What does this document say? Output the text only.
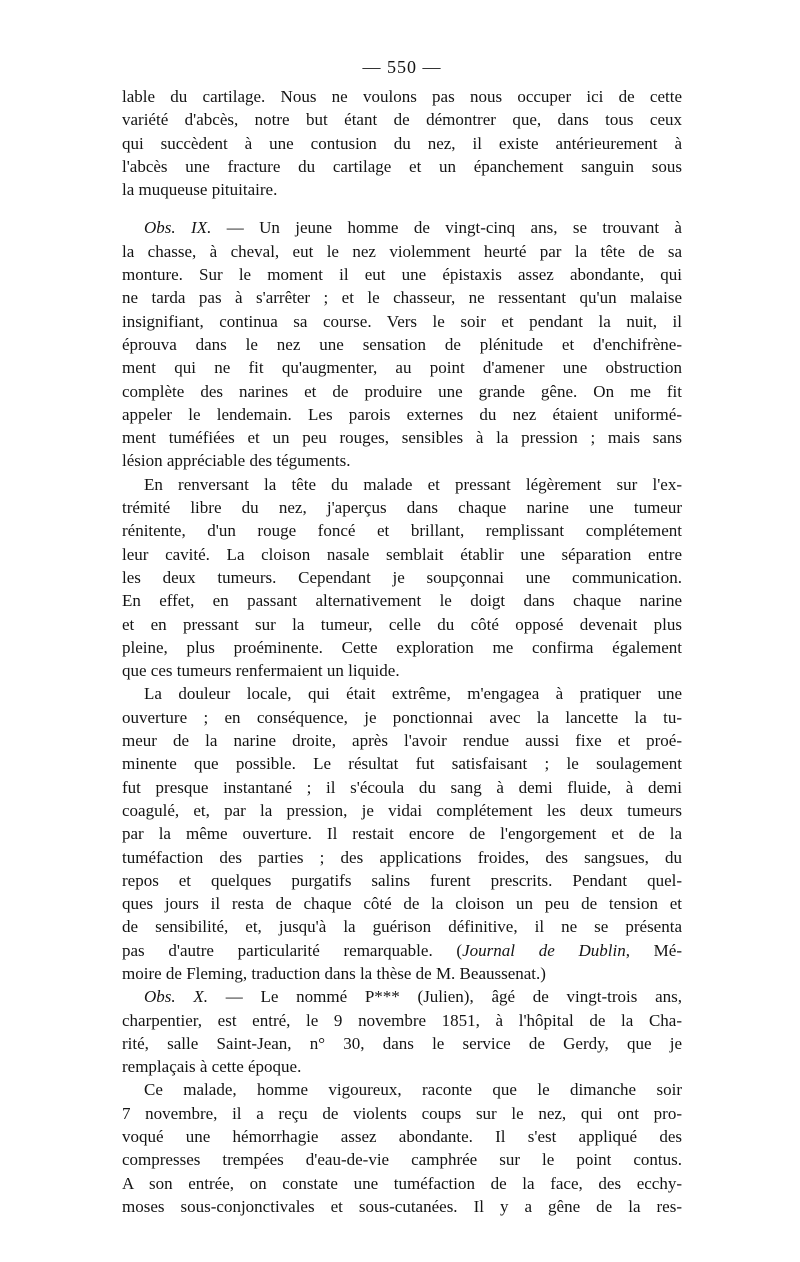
— 550 —
lable du cartilage. Nous ne voulons pas nous occuper ici de cette
variété d'abcès, notre but étant de démontrer que, dans tous ceux
qui succèdent à une contusion du nez, il existe antérieurement à
l'abcès une fracture du cartilage et un épanchement sanguin sous
la muqueuse pituitaire.
Obs. IX. — Un jeune homme de vingt-cinq ans, se trouvant à
la chasse, à cheval, eut le nez violemment heurté par la tête de sa
monture. Sur le moment il eut une épistaxis assez abondante, qui
ne tarda pas à s'arrêter ; et le chasseur, ne ressentant qu'un malaise
insignifiant, continua sa course. Vers le soir et pendant la nuit, il
éprouva dans le nez une sensation de plénitude et d'enchifrène-
ment qui ne fit qu'augmenter, au point d'amener une obstruction
complète des narines et de produire une grande gêne. On me fit
appeler le lendemain. Les parois externes du nez étaient uniformé-
ment tuméfiées et un peu rouges, sensibles à la pression ; mais sans
lésion appréciable des téguments.
En renversant la tête du malade et pressant légèrement sur l'ex-
trémité libre du nez, j'aperçus dans chaque narine une tumeur
rénitente, d'un rouge foncé et brillant, remplissant complétement
leur cavité. La cloison nasale semblait établir une séparation entre
les deux tumeurs. Cependant je soupçonnai une communication.
En effet, en passant alternativement le doigt dans chaque narine
et en pressant sur la tumeur, celle du côté opposé devenait plus
pleine, plus proéminente. Cette exploration me confirma également
que ces tumeurs renfermaient un liquide.
La douleur locale, qui était extrême, m'engagea à pratiquer une
ouverture ; en conséquence, je ponctionnai avec la lancette la tu-
meur de la narine droite, après l'avoir rendue aussi fixe et proé-
minente que possible. Le résultat fut satisfaisant ; le soulagement
fut presque instantané ; il s'écoula du sang à demi fluide, à demi
coagulé, et, par la pression, je vidai complétement les deux tumeurs
par la même ouverture. Il restait encore de l'engorgement et de la
tuméfaction des parties ; des applications froides, des sangsues, du
repos et quelques purgatifs salins furent prescrits. Pendant quel-
ques jours il resta de chaque côté de la cloison un peu de tension et
de sensibilité, et, jusqu'à la guérison définitive, il ne se présenta
pas d'autre particularité remarquable. (Journal de Dublin, Mé-
moire de Fleming, traduction dans la thèse de M. Beaussenat.)
Obs. X. — Le nommé P*** (Julien), âgé de vingt-trois ans,
charpentier, est entré, le 9 novembre 1851, à l'hôpital de la Cha-
rité, salle Saint-Jean, n° 30, dans le service de Gerdy, que je
remplaçais à cette époque.
Ce malade, homme vigoureux, raconte que le dimanche soir
7 novembre, il a reçu de violents coups sur le nez, qui ont pro-
voqué une hémorrhagie assez abondante. Il s'est appliqué des
compresses trempées d'eau-de-vie camphrée sur le point contus.
A son entrée, on constate une tuméfaction de la face, des ecchy-
moses sous-conjonctivales et sous-cutanées. Il y a gêne de la res-
